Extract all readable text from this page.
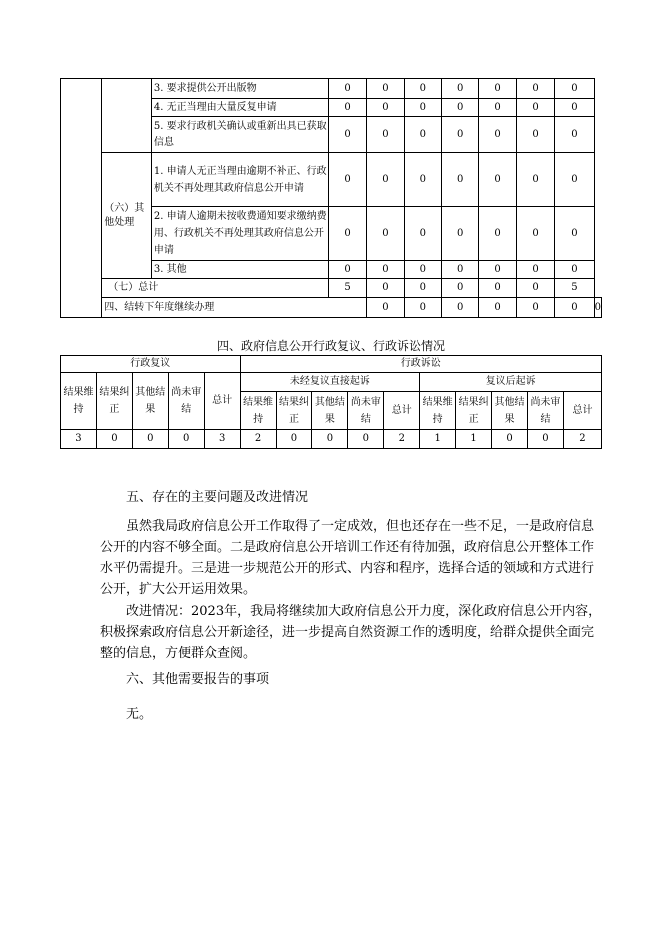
		3. 要求提供公开出版物	0	0	0	0	0	0	0	
		4. 无正当理由大量反复申请	0	0	0	0	0	0	0	
		5. 要求行政机关确认或重新出具已获取信息	0	0	0	0	0	0	0	
	（六）其他处理	1. 申请人无正当理由逾期不补正、行政机关不再处理其政府信息公开申请	0	0	0	0	0	0	0	
		2. 申请人逾期未按收费通知要求缴纳费用、行政机关不再处理其政府信息公开申请	0	0	0	0	0	0	0	
		3. 其他	0	0	0	0	0	0	0	
	（七）总计		5	0	0	0	0	0	5	
	四、结转下年度继续办理			0	0	0	0	0	0	0
四、政府信息公开行政复议、行政诉讼情况
行政复议					行政诉讼									
结果维持	结果纠正	其他结果	尚未审结	总计	未经复议直接起诉					复议后起诉				
					结果维持	结果纠正	其他结果	尚未审结	总计	结果维持	结果纠正	其他结果	尚未审结	总计
3	0	0	0	3	2	0	0	0	2	1	1	0	0	2
五、存在的主要问题及改进情况
虽然我局政府信息公开工作取得了一定成效，但也还存在一些不足，一是政府信息公开的内容不够全面。二是政府信息公开培训工作还有待加强，政府信息公开整体工作水平仍需提升。三是进一步规范公开的形式、内容和程序，选择合适的领域和方式进行公开，扩大公开运用效果。
改进情况：2023年，我局将继续加大政府信息公开力度，深化政府信息公开内容，积极探索政府信息公开新途径，进一步提高自然资源工作的透明度，给群众提供全面完整的信息，方便群众查阅。
六、其他需要报告的事项
无。
